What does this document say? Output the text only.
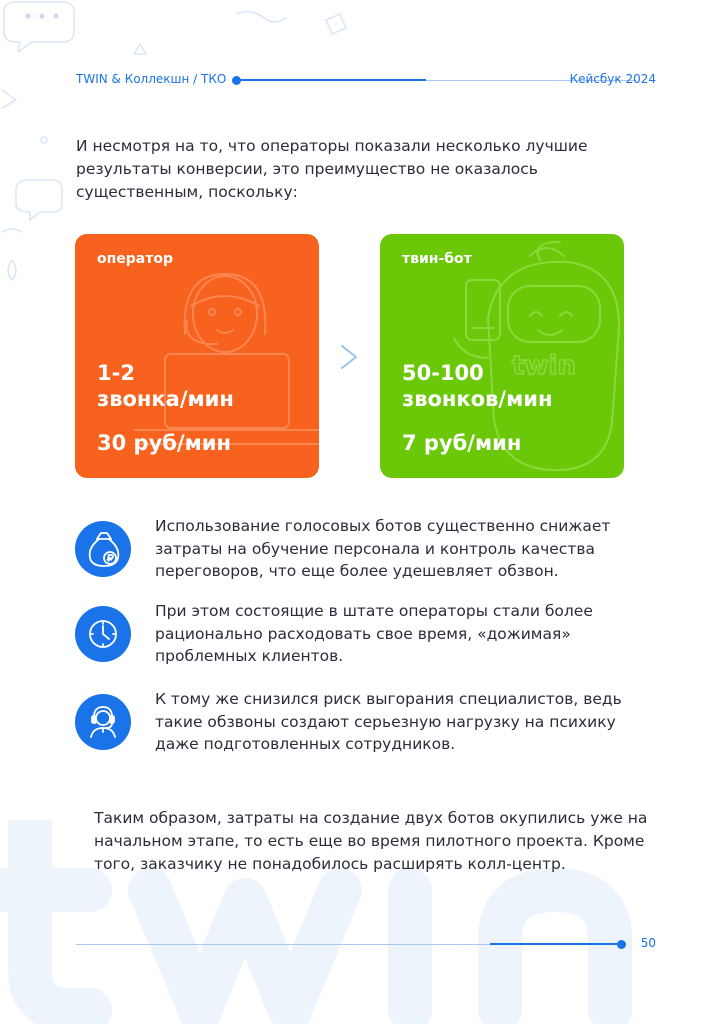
TWIN & Коллекшн / ТКО	Кейсбук 2024

И несмотря на то, что операторы показали несколько лучшие результаты конверсии, это преимущество не оказалось существенным, поскольку:

оператор
1-2
звонка/мин
30 руб/мин
twin
твин-бот
50-100
звонков/мин
7 руб/мин

Использование голосовых ботов существенно снижает затраты на обучение персонала и контроль качества переговоров, что еще более удешевляет обзвон.

При этом состоящие в штате операторы стали более рационально расходовать свое время, «дожимая» проблемных клиентов.

К тому же снизился риск выгорания специалистов, ведь такие обзвоны создают серьезную нагрузку на психику даже подготовленных сотрудников.

Таким образом, затраты на создание двух ботов окупились уже на начальном этапе, то есть еще во время пилотного проекта. Кроме того, заказчику не понадобилось расширять колл-центр.

50
